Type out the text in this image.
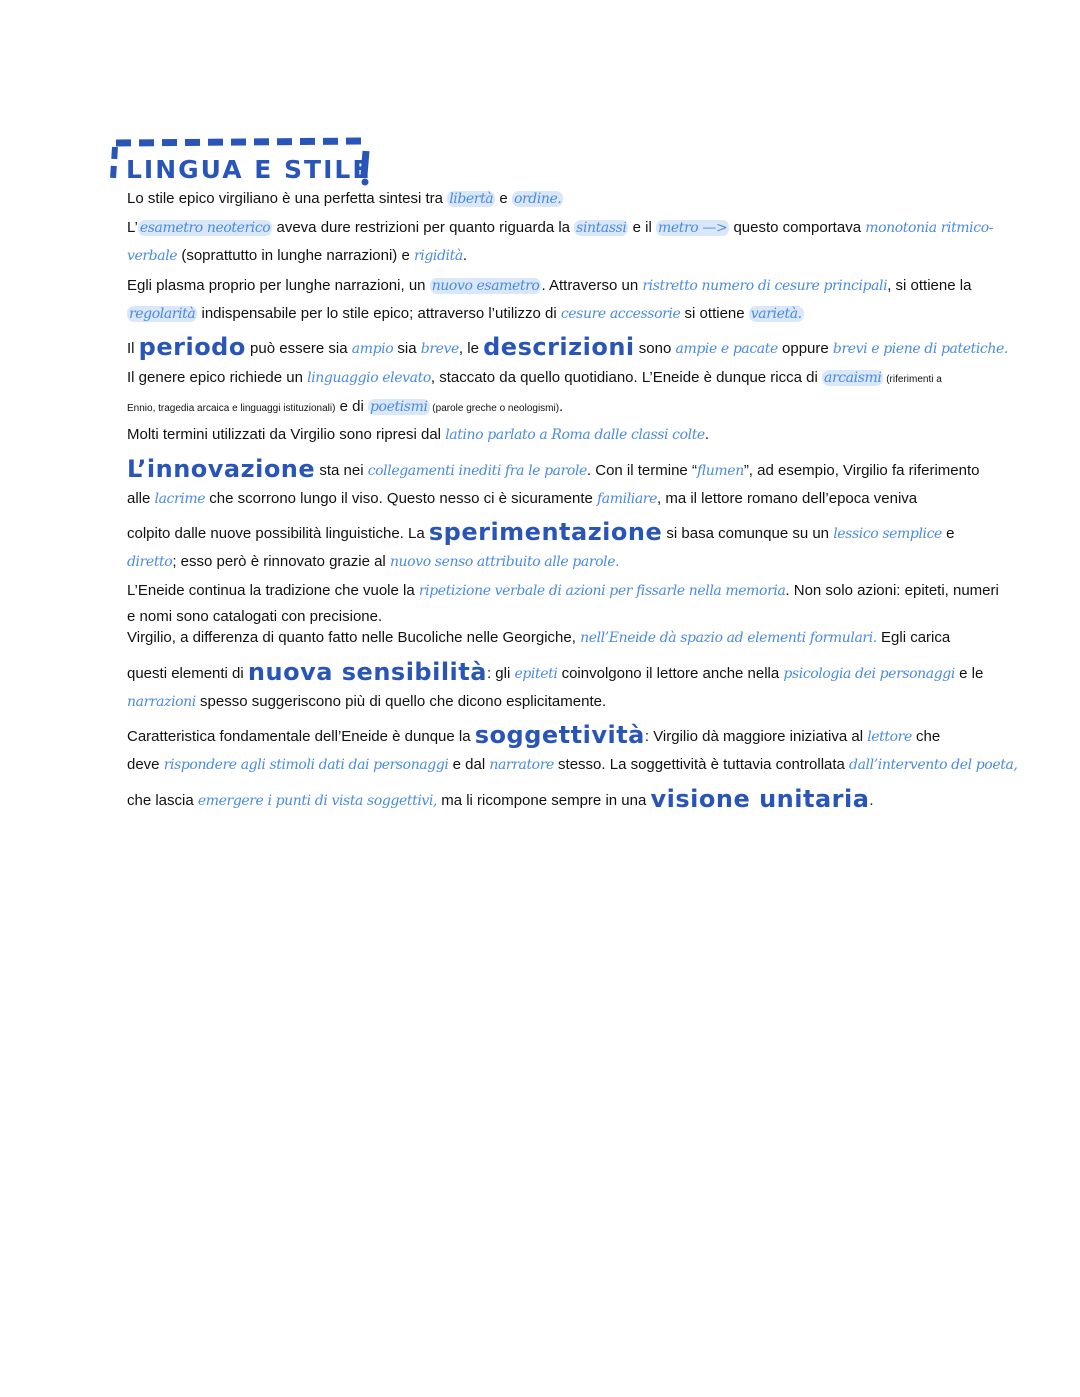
LINGUA E STILE
Lo stile epico virgiliano è una perfetta sintesi tra libertà e ordine.
L’ esametro neoterico aveva dure restrizioni per quanto riguarda la sintassi e il metro —> questo comportava monotonia ritmico-
verbale (soprattutto in lunghe narrazioni) e rigidità.
Egli plasma proprio per lunghe narrazioni, un nuovo esametro . Attraverso un ristretto numero di cesure principali, si ottiene la
regolarità indispensabile per lo stile epico; attraverso l’utilizzo di cesure accessorie si ottiene varietà.
Il periodo può essere sia ampio sia breve, le descrizioni sono ampie e pacate oppure brevi e piene di patetiche.
Il genere epico richiede un linguaggio elevato, staccato da quello quotidiano. L’Eneide è dunque ricca di arcaismi (riferimenti a
Ennio, tragedia arcaica e linguaggi istituzionali) e di poetismi (parole greche o neologismi).
Molti termini utilizzati da Virgilio sono ripresi dal latino parlato a Roma dalle classi colte.
L’innovazione sta nei collegamenti inediti fra le parole. Con il termine “flumen”, ad esempio, Virgilio fa riferimento
alle lacrime che scorrono lungo il viso. Questo nesso ci è sicuramente familiare, ma il lettore romano dell’epoca veniva
colpito dalle nuove possibilità linguistiche. La sperimentazione si basa comunque su un lessico semplice e
diretto; esso però è rinnovato grazie al nuovo senso attribuito alle parole.
L’Eneide continua la tradizione che vuole la ripetizione verbale di azioni per fissarle nella memoria. Non solo azioni: epiteti, numeri
e nomi sono catalogati con precisione.
Virgilio, a differenza di quanto fatto nelle Bucoliche nelle Georgiche, nell’Eneide dà spazio ad elementi formulari. Egli carica
questi elementi di nuova sensibilità: gli epiteti coinvolgono il lettore anche nella psicologia dei personaggi e le
narrazioni spesso suggeriscono più di quello che dicono esplicitamente.
Caratteristica fondamentale dell’Eneide è dunque la soggettività: Virgilio dà maggiore iniziativa al lettore che
deve rispondere agli stimoli dati dai personaggi e dal narratore stesso. La soggettività è tuttavia controllata dall’intervento del poeta,
che lascia emergere i punti di vista soggettivi, ma li ricompone sempre in una visione unitaria.
